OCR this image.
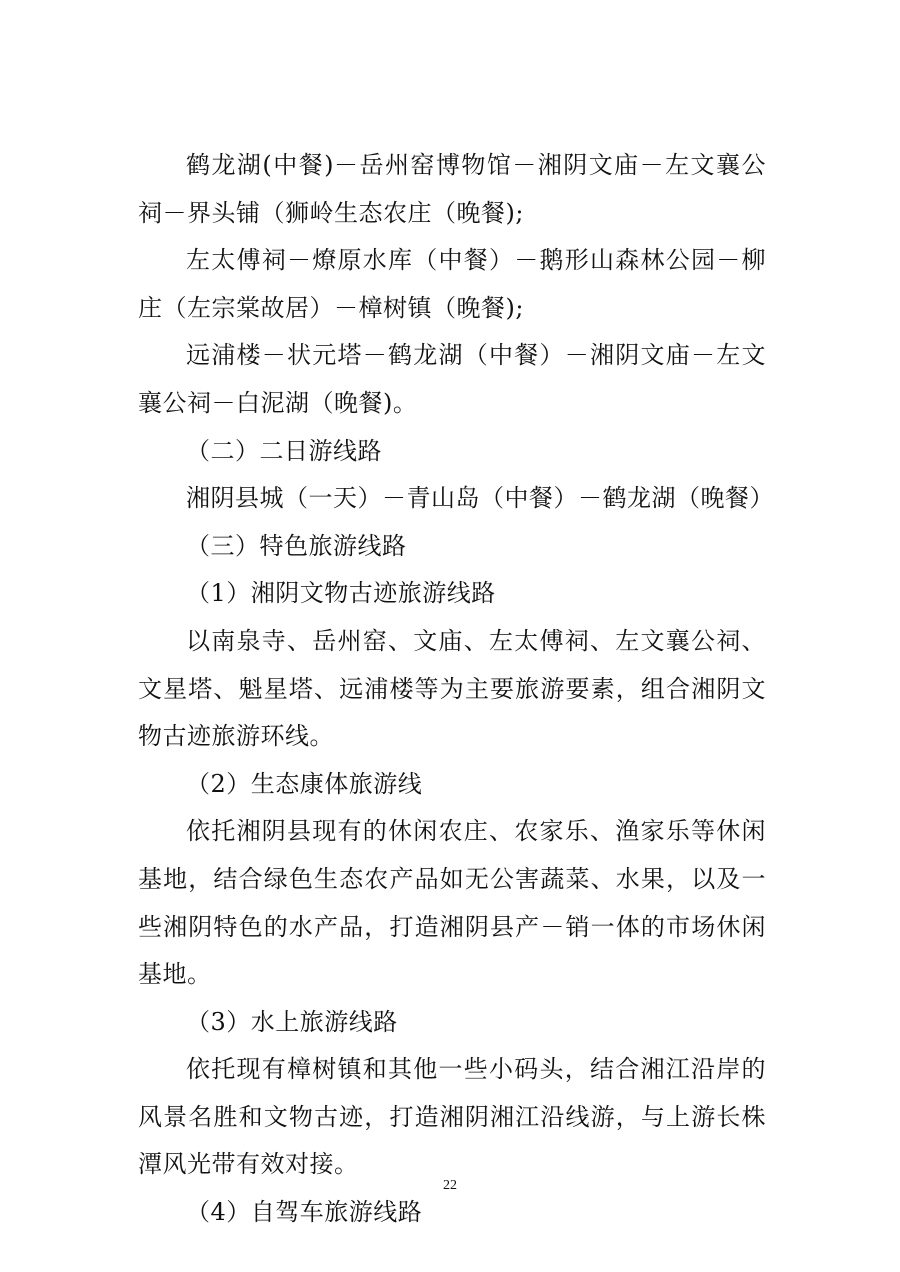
鹤龙湖(中餐)－岳州窑博物馆－湘阴文庙－左文襄公祠－界头铺（狮岭生态农庄（晚餐);

左太傅祠－燎原水库（中餐）－鹅形山森林公园－柳庄（左宗棠故居）－樟树镇（晚餐);

远浦楼－状元塔－鹤龙湖（中餐）－湘阴文庙－左文襄公祠－白泥湖（晚餐)。

（二）二日游线路

湘阴县城（一天）－青山岛（中餐）－鹤龙湖（晚餐）

（三）特色旅游线路

（1）湘阴文物古迹旅游线路

以南泉寺、岳州窑、文庙、左太傅祠、左文襄公祠、文星塔、魁星塔、远浦楼等为主要旅游要素，组合湘阴文物古迹旅游环线。

（2）生态康体旅游线

依托湘阴县现有的休闲农庄、农家乐、渔家乐等休闲基地，结合绿色生态农产品如无公害蔬菜、水果，以及一些湘阴特色的水产品，打造湘阴县产－销一体的市场休闲基地。

（3）水上旅游线路

依托现有樟树镇和其他一些小码头，结合湘江沿岸的风景名胜和文物古迹，打造湘阴湘江沿线游，与上游长株潭风光带有效对接。

（4）自驾车旅游线路

22
